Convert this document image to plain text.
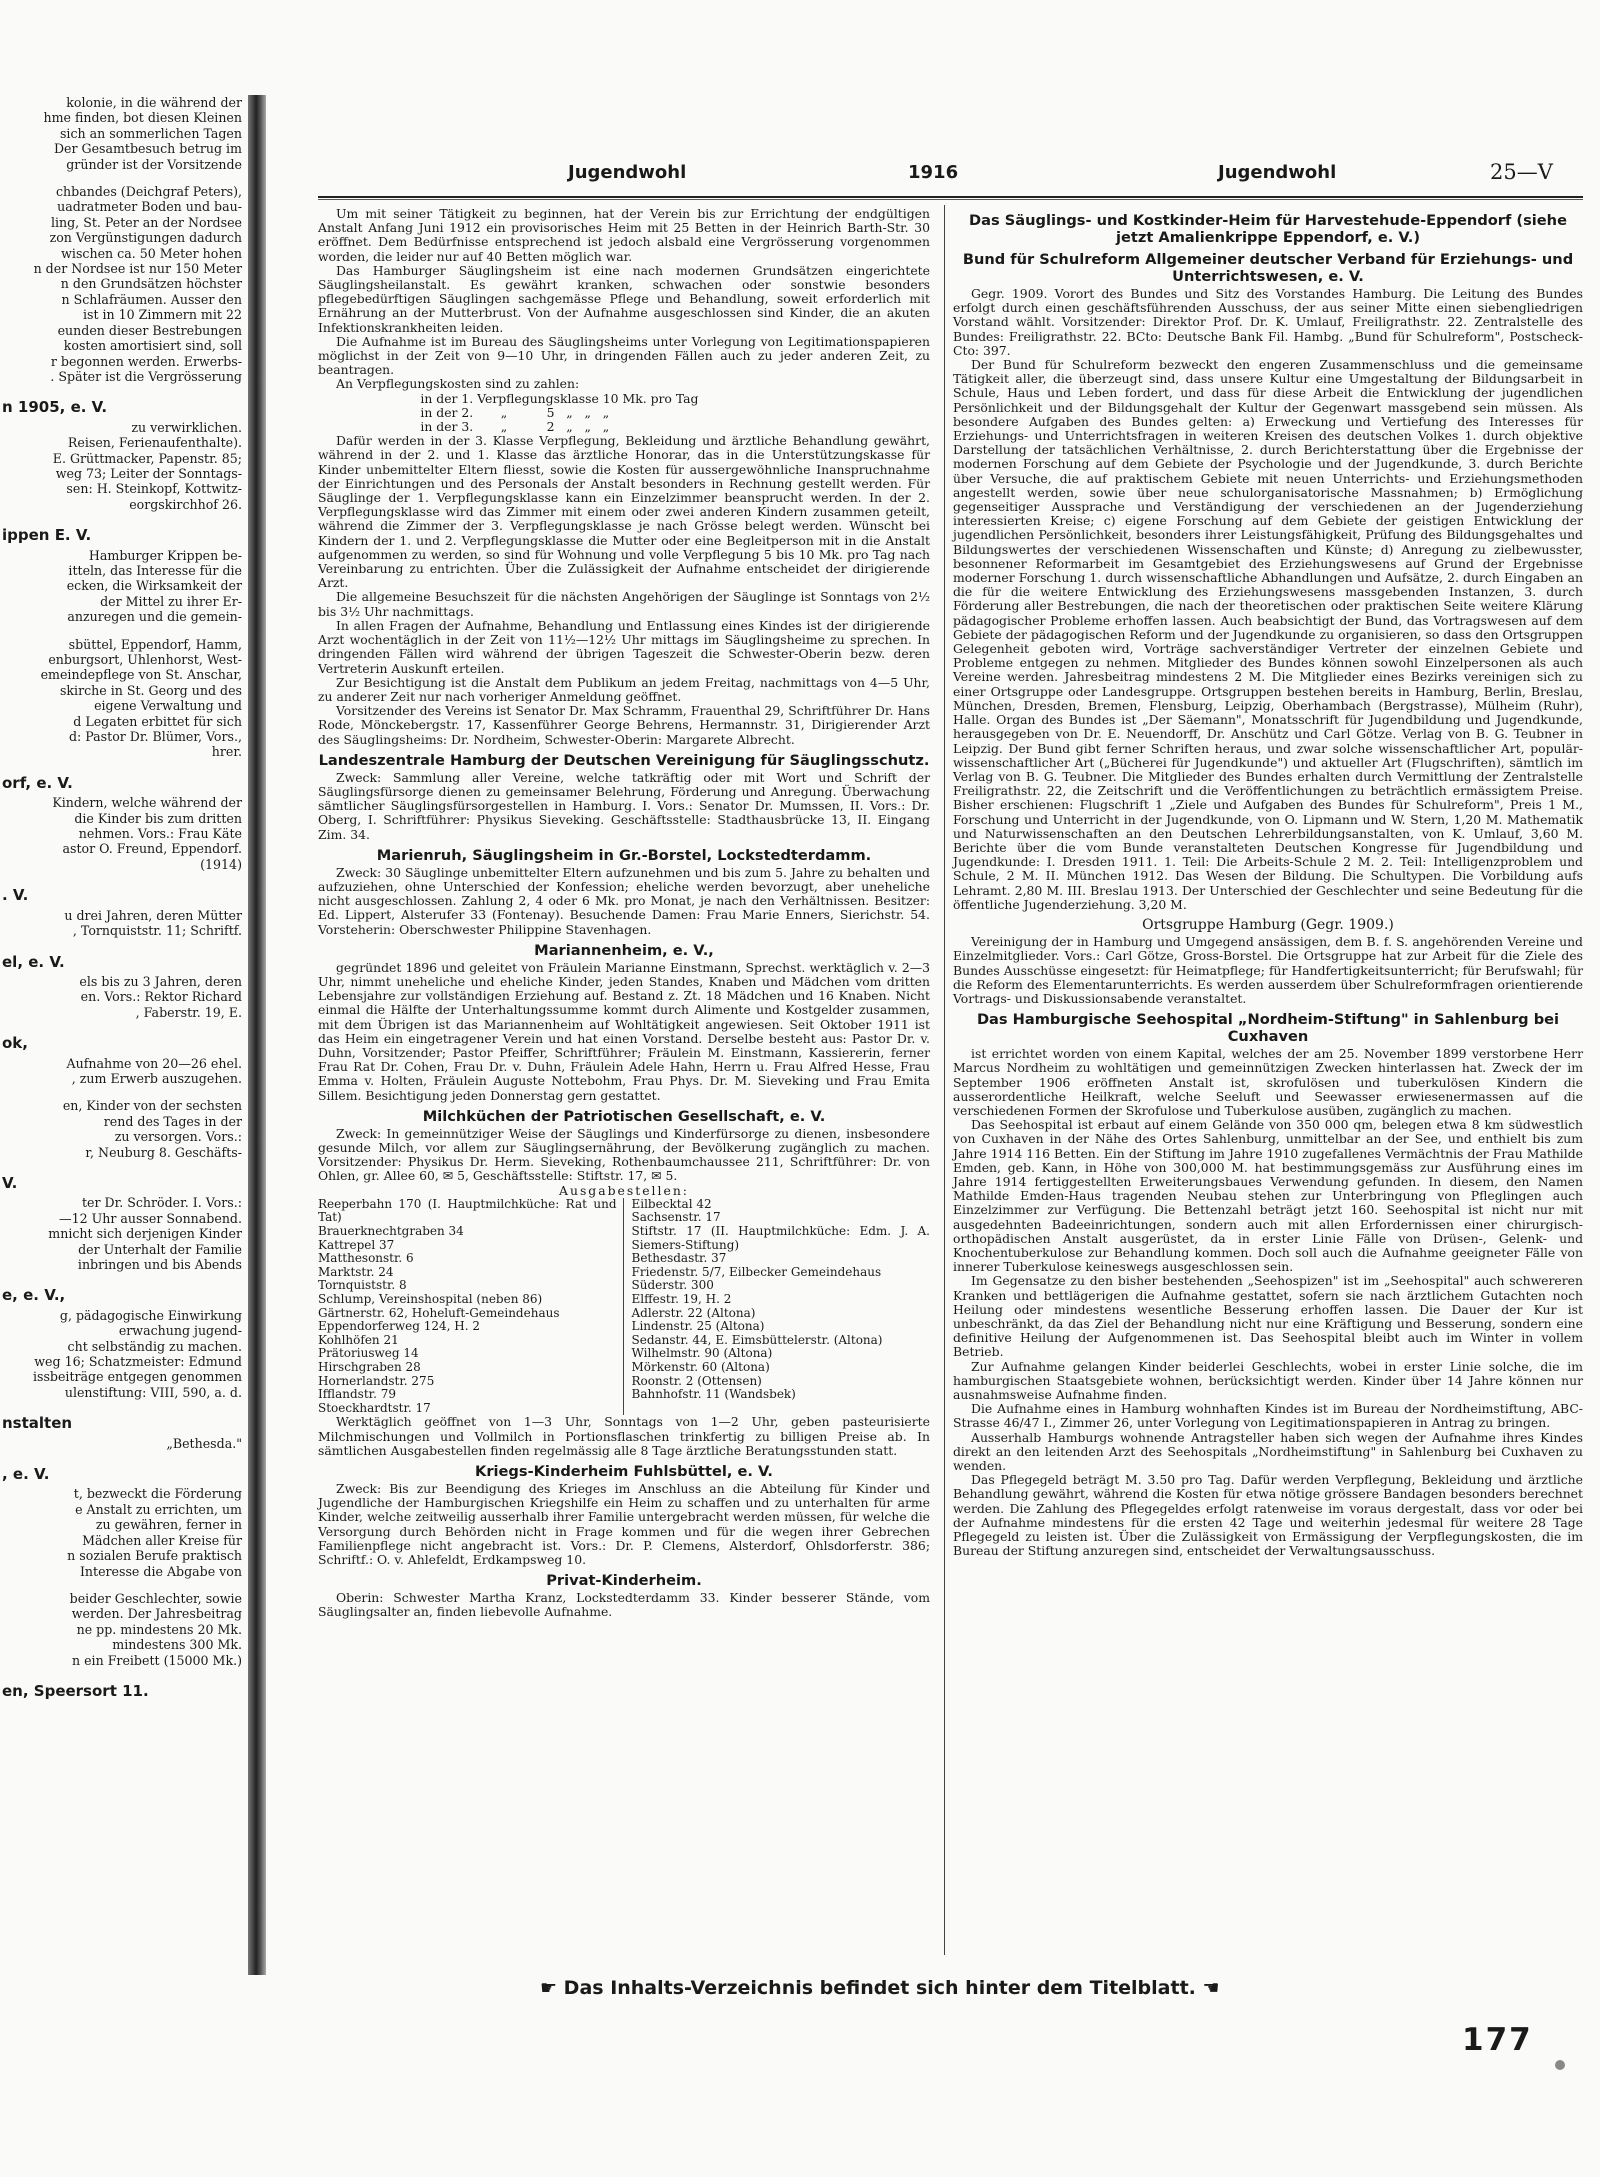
kolonie, in die während der

hme finden, bot diesen Kleinen

sich an sommerlichen Tagen

Der Gesamtbesuch betrug im

gründer ist der Vorsitzende

chbandes (Deichgraf Peters),

uadratmeter Boden und bau-

ling, St. Peter an der Nordsee

zon Vergünstigungen dadurch

wischen ca. 50 Meter hohen

n der Nordsee ist nur 150 Meter

n den Grundsätzen höchster

n Schlafräumen. Ausser den

ist in 10 Zimmern mit 22

eunden dieser Bestrebungen

kosten amortisiert sind, soll

r begonnen werden. Erwerbs-

. Später ist die Vergrösserung

n 1905, e. V.

zu verwirklichen.

Reisen, Ferienaufenthalte).

E. Grüttmacker, Papenstr. 85;

weg 73; Leiter der Sonntags-

sen: H. Steinkopf, Kottwitz-

eorgskirchhof 26.

ippen E. V.

Hamburger Krippen be-

itteln, das Interesse für die

ecken, die Wirksamkeit der

der Mittel zu ihrer Er-

anzuregen und die gemein-

sbüttel, Eppendorf, Hamm,

enburgsort, Uhlenhorst, West-

emeindepflege von St. Anschar,

skirche in St. Georg und des

eigene Verwaltung und

d Legaten erbittet für sich

d: Pastor Dr. Blümer, Vors.,

hrer.

orf, e. V.

Kindern, welche während der

die Kinder bis zum dritten

nehmen. Vors.: Frau Käte

astor O. Freund, Eppendorf.

(1914)

. V.

u drei Jahren, deren Mütter

, Tornquiststr. 11; Schriftf.

el, e. V.

els bis zu 3 Jahren, deren

en. Vors.: Rektor Richard

, Faberstr. 19, E.

ok,

Aufnahme von 20—26 ehel.

, zum Erwerb auszugehen.

en, Kinder von der sechsten

rend des Tages in der

zu versorgen. Vors.:

r, Neuburg 8. Geschäfts-

V.

ter Dr. Schröder. I. Vors.:

—12 Uhr ausser Sonnabend.

mnicht sich derjenigen Kinder

der Unterhalt der Familie

inbringen und bis Abends

e, e. V.,

g, pädagogische Einwirkung

erwachung jugend-

cht selbständig zu machen.

weg 16; Schatzmeister: Edmund

issbeiträge entgegen genommen

ulenstiftung: VIII, 590, a. d.

nstalten

„Bethesda."

, e. V.

t, bezweckt die Förderung

e Anstalt zu errichten, um

zu gewähren, ferner in

Mädchen aller Kreise für

n sozialen Berufe praktisch

Interesse die Abgabe von

beider Geschlechter, sowie

werden. Der Jahresbeitrag

ne pp. mindestens 20 Mk.

mindestens 300 Mk.

n ein Freibett (15000 Mk.)

en, Speersort 11.

Jugendwohl	1916	Jugendwohl	25—V

Um mit seiner Tätigkeit zu beginnen, hat der Verein bis zur Errichtung der endgültigen Anstalt Anfang Juni 1912 ein provisorisches Heim mit 25 Betten in der Heinrich Barth-Str. 30 eröffnet. Dem Bedürfnisse entsprechend ist jedoch alsbald eine Vergrösserung vorgenommen worden, die leider nur auf 40 Betten möglich war.

Das Hamburger Säuglingsheim ist eine nach modernen Grundsätzen eingerichtete Säuglingsheilanstalt. Es gewährt kranken, schwachen oder sonstwie besonders pflegebedürftigen Säuglingen sachgemässe Pflege und Behandlung, soweit erforderlich mit Ernährung an der Mutterbrust. Von der Aufnahme ausgeschlossen sind Kinder, die an akuten Infektionskrankheiten leiden.

Die Aufnahme ist im Bureau des Säuglingsheims unter Vorlegung von Legitimationspapieren möglichst in der Zeit von 9—10 Uhr, in dringenden Fällen auch zu jeder anderen Zeit, zu beantragen.

An Verpflegungskosten sind zu zahlen:

in der 1. Verpflegungsklasse 10 Mk. pro Tag
in der 2.       „          5   „   „   „
in der 3.       „          2   „   „   „

Dafür werden in der 3. Klasse Verpflegung, Bekleidung und ärztliche Behandlung gewährt, während in der 2. und 1. Klasse das ärztliche Honorar, das in die Unterstützungskasse für Kinder unbemittelter Eltern fliesst, sowie die Kosten für aussergewöhnliche Inanspruchnahme der Einrichtungen und des Personals der Anstalt besonders in Rechnung gestellt werden. Für Säuglinge der 1. Verpflegungsklasse kann ein Einzelzimmer beansprucht werden. In der 2. Verpflegungsklasse wird das Zimmer mit einem oder zwei anderen Kindern zusammen geteilt, während die Zimmer der 3. Verpflegungsklasse je nach Grösse belegt werden. Wünscht bei Kindern der 1. und 2. Verpflegungsklasse die Mutter oder eine Begleitperson mit in die Anstalt aufgenommen zu werden, so sind für Wohnung und volle Verpflegung 5 bis 10 Mk. pro Tag nach Vereinbarung zu entrichten. Über die Zulässigkeit der Aufnahme entscheidet der dirigierende Arzt.

Die allgemeine Besuchszeit für die nächsten Angehörigen der Säuglinge ist Sonntags von 2½ bis 3½ Uhr nachmittags.

In allen Fragen der Aufnahme, Behandlung und Entlassung eines Kindes ist der dirigierende Arzt wochentäglich in der Zeit von 11½—12½ Uhr mittags im Säuglingsheime zu sprechen. In dringenden Fällen wird während der übrigen Tageszeit die Schwester-Oberin bezw. deren Vertreterin Auskunft erteilen.

Zur Besichtigung ist die Anstalt dem Publikum an jedem Freitag, nachmittags von 4—5 Uhr, zu anderer Zeit nur nach vorheriger Anmeldung geöffnet.

Vorsitzender des Vereins ist Senator Dr. Max Schramm, Frauenthal 29, Schriftführer Dr. Hans Rode, Mönckebergstr. 17, Kassenführer George Behrens, Hermannstr. 31, Dirigierender Arzt des Säuglingsheims: Dr. Nordheim, Schwester-Oberin: Margarete Albrecht.

Landeszentrale Hamburg der Deutschen Vereinigung für Säuglingsschutz.

Zweck: Sammlung aller Vereine, welche tatkräftig oder mit Wort und Schrift der Säuglingsfürsorge dienen zu gemeinsamer Belehrung, Förderung und Anregung. Überwachung sämtlicher Säuglingsfürsorgestellen in Hamburg. I. Vors.: Senator Dr. Mumssen, II. Vors.: Dr. Oberg, I. Schriftführer: Physikus Sieveking. Geschäftsstelle: Stadthausbrücke 13, II. Eingang Zim. 34.

Marienruh, Säuglingsheim in Gr.-Borstel, Lockstedterdamm.

Zweck: 30 Säuglinge unbemittelter Eltern aufzunehmen und bis zum 5. Jahre zu behalten und aufzuziehen, ohne Unterschied der Konfession; eheliche werden bevorzugt, aber uneheliche nicht ausgeschlossen. Zahlung 2, 4 oder 6 Mk. pro Monat, je nach den Verhältnissen. Besitzer: Ed. Lippert, Alsterufer 33 (Fontenay). Besuchende Damen: Frau Marie Enners, Sierichstr. 54. Vorsteherin: Oberschwester Philippine Stavenhagen.

Mariannenheim, e. V.,

gegründet 1896 und geleitet von Fräulein Marianne Einstmann, Sprechst. werktäglich v. 2—3 Uhr, nimmt uneheliche und eheliche Kinder, jeden Standes, Knaben und Mädchen vom dritten Lebensjahre zur vollständigen Erziehung auf. Bestand z. Zt. 18 Mädchen und 16 Knaben. Nicht einmal die Hälfte der Unterhaltungssumme kommt durch Alimente und Kostgelder zusammen, mit dem Übrigen ist das Mariannenheim auf Wohltätigkeit angewiesen. Seit Oktober 1911 ist das Heim ein eingetragener Verein und hat einen Vorstand. Derselbe besteht aus: Pastor Dr. v. Duhn, Vorsitzender; Pastor Pfeiffer, Schriftführer; Fräulein M. Einstmann, Kassiererin, ferner Frau Rat Dr. Cohen, Frau Dr. v. Duhn, Fräulein Adele Hahn, Herrn u. Frau Alfred Hesse, Frau Emma v. Holten, Fräulein Auguste Nottebohm, Frau Phys. Dr. M. Sieveking und Frau Emita Sillem. Besichtigung jeden Donnerstag gern gestattet.

Milchküchen der Patriotischen Gesellschaft, e. V.

Zweck: In gemeinnütziger Weise der Säuglings und Kinderfürsorge zu dienen, insbesondere gesunde Milch, vor allem zur Säuglingsernährung, der Bevölkerung zugänglich zu machen. Vorsitzender: Physikus Dr. Herm. Sieveking, Rothenbaumchaussee 211, Schriftführer: Dr. von Ohlen, gr. Allee 60, ✉ 5, Geschäftsstelle: Stiftstr. 17, ✉ 5.

Ausgabestellen:

Reeperbahn 170 (I. Hauptmilchküche: Rat und Tat)
Brauerknechtgraben 34
Kattrepel 37
Matthesonstr. 6
Marktstr. 24
Tornquiststr. 8
Schlump, Vereinshospital (neben 86)
Gärtnerstr. 62, Hoheluft-Gemeindehaus
Eppendorferweg 124, H. 2
Kohlhöfen 21
Prätoriusweg 14
Hirschgraben 28
Hornerlandstr. 275
Ifflandstr. 79
Stoeckhardtstr. 17
Eilbecktal 42
Sachsenstr. 17
Stiftstr. 17 (II. Hauptmilchküche: Edm. J. A. Siemers-Stiftung)
Bethesdastr. 37
Friedenstr. 5/7, Eilbecker Gemeindehaus
Süderstr. 300
Elffestr. 19, H. 2
Adlerstr. 22 (Altona)
Lindenstr. 25 (Altona)
Sedanstr. 44, E. Eimsbüttelerstr. (Altona)
Wilhelmstr. 90 (Altona)
Mörkenstr. 60 (Altona)
Roonstr. 2 (Ottensen)
Bahnhofstr. 11 (Wandsbek)

Werktäglich geöffnet von 1—3 Uhr, Sonntags von 1—2 Uhr, geben pasteurisierte Milchmischungen und Vollmilch in Portionsflaschen trinkfertig zu billigen Preise ab. In sämtlichen Ausgabestellen finden regelmässig alle 8 Tage ärztliche Beratungsstunden statt.

Kriegs-Kinderheim Fuhlsbüttel, e. V.

Zweck: Bis zur Beendigung des Krieges im Anschluss an die Abteilung für Kinder und Jugendliche der Hamburgischen Kriegshilfe ein Heim zu schaffen und zu unterhalten für arme Kinder, welche zeitweilig ausserhalb ihrer Familie untergebracht werden müssen, für welche die Versorgung durch Behörden nicht in Frage kommen und für die wegen ihrer Gebrechen Familienpflege nicht angebracht ist. Vors.: Dr. P. Clemens, Alsterdorf, Ohlsdorferstr. 386; Schriftf.: O. v. Ahlefeldt, Erdkampsweg 10.

Privat-Kinderheim.

Oberin: Schwester Martha Kranz, Lockstedterdamm 33. Kinder besserer Stände, vom Säuglingsalter an, finden liebevolle Aufnahme.

Das Säuglings- und Kostkinder-Heim für Harvestehude-Eppendorf (siehe jetzt Amalienkrippe Eppendorf, e. V.)

Bund für Schulreform Allgemeiner deutscher Verband für Erziehungs- und Unterrichtswesen, e. V.

Gegr. 1909. Vorort des Bundes und Sitz des Vorstandes Hamburg. Die Leitung des Bundes erfolgt durch einen geschäftsführenden Ausschuss, der aus seiner Mitte einen siebengliedrigen Vorstand wählt. Vorsitzender: Direktor Prof. Dr. K. Umlauf, Freiligrathstr. 22. Zentralstelle des Bundes: Freiligrathstr. 22. BCto: Deutsche Bank Fil. Hambg. „Bund für Schulreform", Postscheck-Cto: 397.

Der Bund für Schulreform bezweckt den engeren Zusammenschluss und die gemeinsame Tätigkeit aller, die überzeugt sind, dass unsere Kultur eine Umgestaltung der Bildungsarbeit in Schule, Haus und Leben fordert, und dass für diese Arbeit die Entwicklung der jugendlichen Persönlichkeit und der Bildungsgehalt der Kultur der Gegenwart massgebend sein müssen. Als besondere Aufgaben des Bundes gelten: a) Erweckung und Vertiefung des Interesses für Erziehungs- und Unterrichtsfragen in weiteren Kreisen des deutschen Volkes 1. durch objektive Darstellung der tatsächlichen Verhältnisse, 2. durch Berichterstattung über die Ergebnisse der modernen Forschung auf dem Gebiete der Psychologie und der Jugendkunde, 3. durch Berichte über Versuche, die auf praktischem Gebiete mit neuen Unterrichts- und Erziehungsmethoden angestellt werden, sowie über neue schulorganisatorische Massnahmen; b) Ermöglichung gegenseitiger Aussprache und Verständigung der verschiedenen an der Jugenderziehung interessierten Kreise; c) eigene Forschung auf dem Gebiete der geistigen Entwicklung der jugendlichen Persönlichkeit, besonders ihrer Leistungsfähigkeit, Prüfung des Bildungsgehaltes und Bildungswertes der verschiedenen Wissenschaften und Künste; d) Anregung zu zielbewusster, besonnener Reformarbeit im Gesamtgebiet des Erziehungswesens auf Grund der Ergebnisse moderner Forschung 1. durch wissenschaftliche Abhandlungen und Aufsätze, 2. durch Eingaben an die für die weitere Entwicklung des Erziehungswesens massgebenden Instanzen, 3. durch Förderung aller Bestrebungen, die nach der theoretischen oder praktischen Seite weitere Klärung pädagogischer Probleme erhoffen lassen. Auch beabsichtigt der Bund, das Vortragswesen auf dem Gebiete der pädagogischen Reform und der Jugendkunde zu organisieren, so dass den Ortsgruppen Gelegenheit geboten wird, Vorträge sachverständiger Vertreter der einzelnen Gebiete und Probleme entgegen zu nehmen. Mitglieder des Bundes können sowohl Einzelpersonen als auch Vereine werden. Jahresbeitrag mindestens 2 M. Die Mitglieder eines Bezirks vereinigen sich zu einer Ortsgruppe oder Landesgruppe. Ortsgruppen bestehen bereits in Hamburg, Berlin, Breslau, München, Dresden, Bremen, Flensburg, Leipzig, Oberhambach (Bergstrasse), Mülheim (Ruhr), Halle. Organ des Bundes ist „Der Säemann", Monatsschrift für Jugendbildung und Jugendkunde, herausgegeben von Dr. E. Neuendorff, Dr. Anschütz und Carl Götze. Verlag von B. G. Teubner in Leipzig. Der Bund gibt ferner Schriften heraus, und zwar solche wissenschaftlicher Art, populär-wissenschaftlicher Art („Bücherei für Jugendkunde") und aktueller Art (Flugschriften), sämtlich im Verlag von B. G. Teubner. Die Mitglieder des Bundes erhalten durch Vermittlung der Zentralstelle Freiligrathstr. 22, die Zeitschrift und die Veröffentlichungen zu beträchtlich ermässigtem Preise. Bisher erschienen: Flugschrift 1 „Ziele und Aufgaben des Bundes für Schulreform", Preis 1 M., Forschung und Unterricht in der Jugendkunde, von O. Lipmann und W. Stern, 1,20 M. Mathematik und Naturwissenschaften an den Deutschen Lehrerbildungsanstalten, von K. Umlauf, 3,60 M. Berichte über die vom Bunde veranstalteten Deutschen Kongresse für Jugendbildung und Jugendkunde: I. Dresden 1911. 1. Teil: Die Arbeits-Schule 2 M. 2. Teil: Intelligenzproblem und Schule, 2 M. II. München 1912. Das Wesen der Bildung. Die Schultypen. Die Vorbildung aufs Lehramt. 2,80 M. III. Breslau 1913. Der Unterschied der Geschlechter und seine Bedeutung für die öffentliche Jugenderziehung. 3,20 M.

Ortsgruppe Hamburg (Gegr. 1909.)

Vereinigung der in Hamburg und Umgegend ansässigen, dem B. f. S. angehörenden Vereine und Einzelmitglieder. Vors.: Carl Götze, Gross-Borstel. Die Ortsgruppe hat zur Arbeit für die Ziele des Bundes Ausschüsse eingesetzt: für Heimatpflege; für Handfertigkeitsunterricht; für Berufswahl; für die Reform des Elementarunterrichts. Es werden ausserdem über Schulreformfragen orientierende Vortrags- und Diskussionsabende veranstaltet.

Das Hamburgische Seehospital „Nordheim-Stiftung" in Sahlenburg bei Cuxhaven

ist errichtet worden von einem Kapital, welches der am 25. November 1899 verstorbene Herr Marcus Nordheim zu wohltätigen und gemeinnützigen Zwecken hinterlassen hat. Zweck der im September 1906 eröffneten Anstalt ist, skrofulösen und tuberkulösen Kindern die ausserordentliche Heilkraft, welche Seeluft und Seewasser erwiesenermassen auf die verschiedenen Formen der Skrofulose und Tuberkulose ausüben, zugänglich zu machen.

Das Seehospital ist erbaut auf einem Gelände von 350 000 qm, belegen etwa 8 km südwestlich von Cuxhaven in der Nähe des Ortes Sahlenburg, unmittelbar an der See, und enthielt bis zum Jahre 1914 116 Betten. Ein der Stiftung im Jahre 1910 zugefallenes Vermächtnis der Frau Mathilde Emden, geb. Kann, in Höhe von 300,000 M. hat bestimmungsgemäss zur Ausführung eines im Jahre 1914 fertiggestellten Erweiterungsbaues Verwendung gefunden. In diesem, den Namen Mathilde Emden-Haus tragenden Neubau stehen zur Unterbringung von Pfleglingen auch Einzelzimmer zur Verfügung. Die Bettenzahl beträgt jetzt 160. Seehospital ist nicht nur mit ausgedehnten Badeeinrichtungen, sondern auch mit allen Erfordernissen einer chirurgisch-orthopädischen Anstalt ausgerüstet, da in erster Linie Fälle von Drüsen-, Gelenk- und Knochentuberkulose zur Behandlung kommen. Doch soll auch die Aufnahme geeigneter Fälle von innerer Tuberkulose keineswegs ausgeschlossen sein.

Im Gegensatze zu den bisher bestehenden „Seehospizen" ist im „Seehospital" auch schwereren Kranken und bettlägerigen die Aufnahme gestattet, sofern sie nach ärztlichem Gutachten noch Heilung oder mindestens wesentliche Besserung erhoffen lassen. Die Dauer der Kur ist unbeschränkt, da das Ziel der Behandlung nicht nur eine Kräftigung und Besserung, sondern eine definitive Heilung der Aufgenommenen ist. Das Seehospital bleibt auch im Winter in vollem Betrieb.

Zur Aufnahme gelangen Kinder beiderlei Geschlechts, wobei in erster Linie solche, die im hamburgischen Staatsgebiete wohnen, berücksichtigt werden. Kinder über 14 Jahre können nur ausnahmsweise Aufnahme finden.

Die Aufnahme eines in Hamburg wohnhaften Kindes ist im Bureau der Nordheimstiftung, ABC-Strasse 46/47 I., Zimmer 26, unter Vorlegung von Legitimationspapieren in Antrag zu bringen.

Ausserhalb Hamburgs wohnende Antragsteller haben sich wegen der Aufnahme ihres Kindes direkt an den leitenden Arzt des Seehospitals „Nordheimstiftung" in Sahlenburg bei Cuxhaven zu wenden.

Das Pflegegeld beträgt M. 3.50 pro Tag. Dafür werden Verpflegung, Bekleidung und ärztliche Behandlung gewährt, während die Kosten für etwa nötige grössere Bandagen besonders berechnet werden. Die Zahlung des Pflegegeldes erfolgt ratenweise im voraus dergestalt, dass vor oder bei der Aufnahme mindestens für die ersten 42 Tage und weiterhin jedesmal für weitere 28 Tage Pflegegeld zu leisten ist. Über die Zulässigkeit von Ermässigung der Verpflegungskosten, die im Bureau der Stiftung anzuregen sind, entscheidet der Verwaltungsausschuss.

☛ Das Inhalts-Verzeichnis befindet sich hinter dem Titelblatt. ☚
177
